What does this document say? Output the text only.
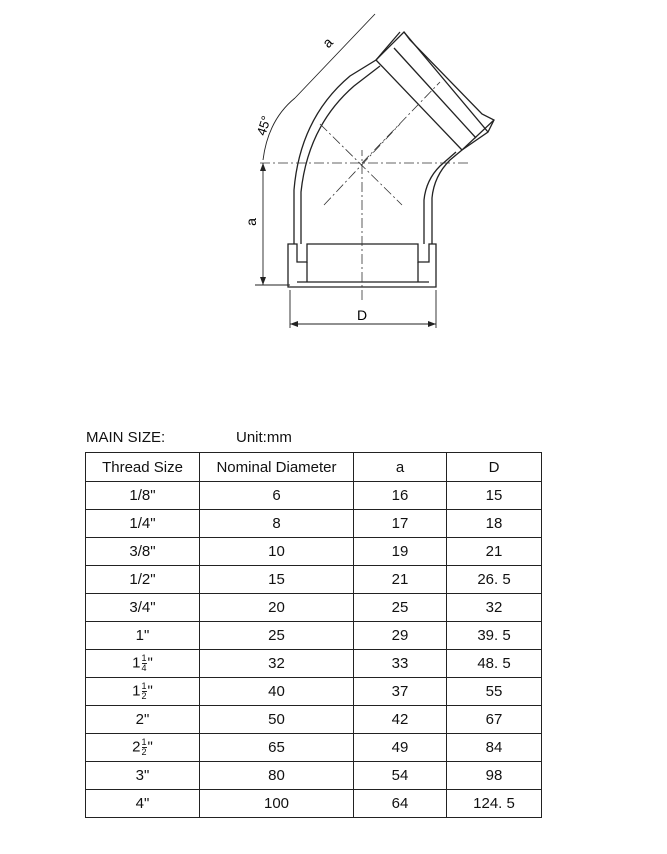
a
a
45°
D
MAIN SIZE:	Unit:mm
Thread Size	Nominal Diameter	a	D
1/8"	6	16	15
1/4"	8	17	18
3/8"	10	19	21
1/2"	15	21	26. 5
3/4"	20	25	32
1"	25	29	39. 5
$1 \frac{1}{4}$ "	32	33	48. 5
$1 \frac{1}{2}$ "	40	37	55
2"	50	42	67
$2 \frac{1}{2}$ "	65	49	84
3"	80	54	98
4"	100	64	124. 5
